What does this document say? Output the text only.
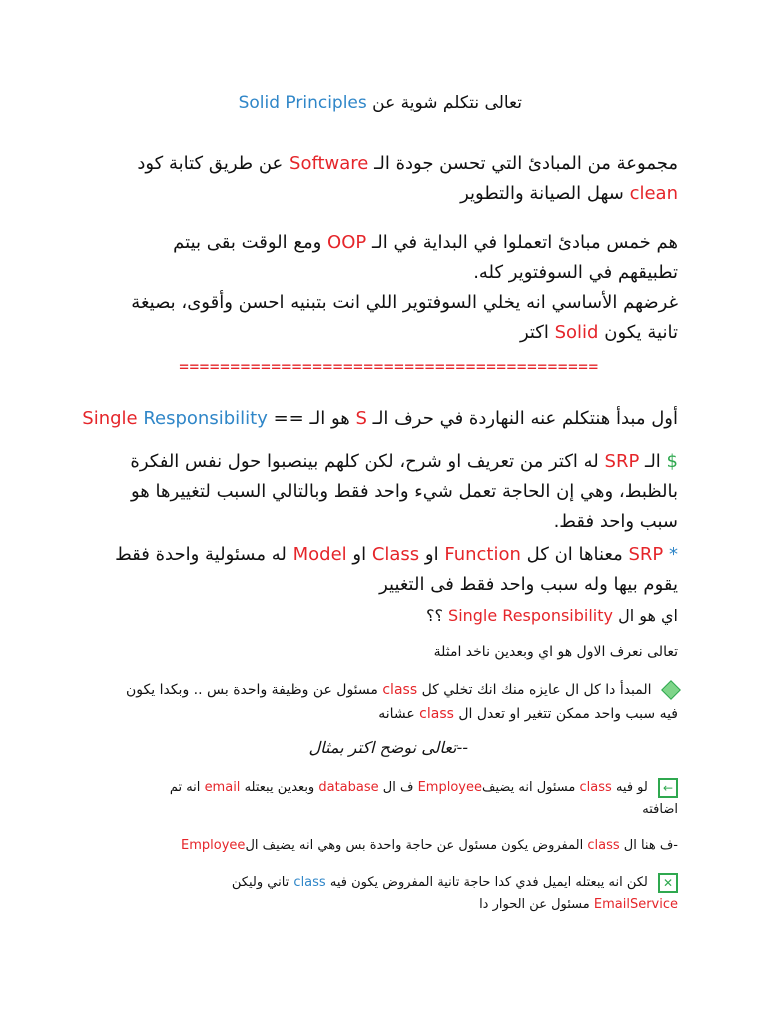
تعالى نتكلم شوية عن Solid Principles
مجموعة من المبادئ التي تحسن جودة الـ Software عن طريق كتابة كود
clean سهل الصيانة والتطوير
هم خمس مبادئ اتعملوا في البداية في الـ OOP ومع الوقت بقى بيتم
تطبيقهم في السوفتوير كله.
غرضهم الأساسي انه يخلي السوفتوير اللي انت بتبنيه احسن وأقوى، بصيغة
تانية يكون Solid اكتر
=========================================
أول مبدأ هنتكلم عنه النهاردة في حرف الـ S هو الـ == Single Responsibility
$ الـ SRP له اكتر من تعريف او شرح، لكن كلهم بينصبوا حول نفس الفكرة
بالظبط، وهي إن الحاجة تعمل شيء واحد فقط وبالتالي السبب لتغييرها هو
سبب واحد فقط.
* SRP معناها ان كل Function او Class او Model له مسئولية واحدة فقط
يقوم بيها وله سبب واحد فقط فى التغيير
اي هو ال Single Responsibility ؟؟
تعالى نعرف الاول هو اي وبعدين ناخد امثلة
المبدأ دا كل ال عايزه منك انك تخلي كل class مسئول عن وظيفة واحدة بس .. وبكدا يكون
فيه سبب واحد ممكن تتغير او تعدل ال class عشانه
--تعالى نوضح اكتر بمثال
← لو فيه class مسئول انه يضيفEmployee ف ال database وبعدين يبعتله email انه تم
اضافته
-ف هنا ال class المفروض يكون مسئول عن حاجة واحدة بس وهي انه يضيف الEmployee
✕ لكن انه يبعتله ايميل فدي كدا حاجة تانية المفروض يكون فيه class تاني وليكن
EmailService مسئول عن الحوار دا
